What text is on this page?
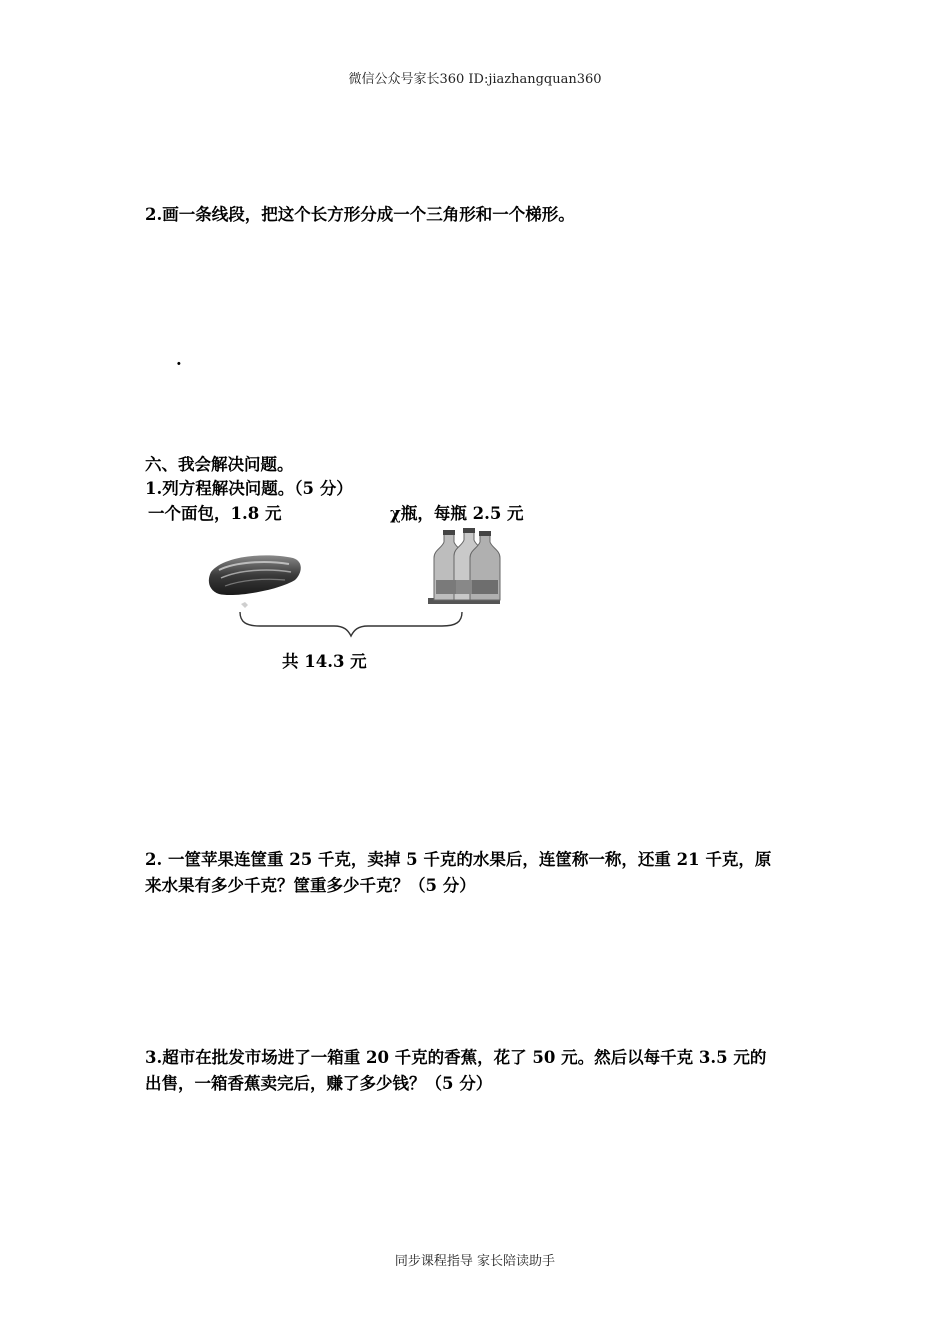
微信公众号家长360 ID:jiazhangquan360
2.画一条线段，把这个长方形分成一个三角形和一个梯形。
.
六、我会解决问题。
1.列方程解决问题。（5 分）
一个面包，1.8 元	χ瓶，每瓶 2.5 元
共 14.3 元
2. 一筐苹果连筐重 25 千克，卖掉 5 千克的水果后，连筐称一称，还重 21 千克，原
来水果有多少千克？筐重多少千克？（5 分）
3.超市在批发市场进了一箱重 20 千克的香蕉，花了 50 元。然后以每千克 3.5 元的
出售，一箱香蕉卖完后，赚了多少钱？（5 分）
同步课程指导 家长陪读助手
